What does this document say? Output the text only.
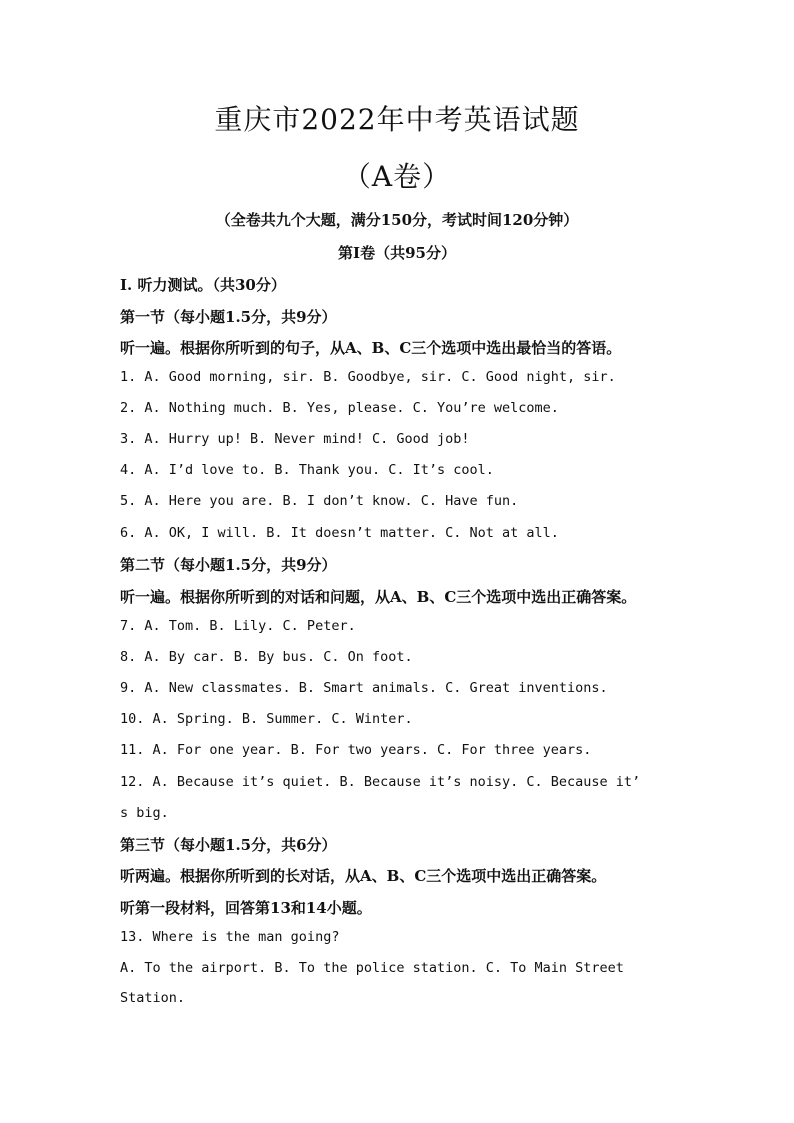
重庆市2022年中考英语试题
（A卷）
（全卷共九个大题，满分150分，考试时间120分钟）
第Ⅰ卷（共95分）
Ⅰ. 听力测试。（共30分）
第一节（每小题1.5分，共9分）
听一遍。根据你所听到的句子，从A、B、C三个选项中选出最恰当的答语。
1. A. Good morning, sir. B. Goodbye, sir. C. Good night, sir.
2. A. Nothing much. B. Yes, please. C. You’re welcome.
3. A. Hurry up! B. Never mind! C. Good job!
4. A. I’d love to. B. Thank you. C. It’s cool.
5. A. Here you are. B. I don’t know. C. Have fun.
6. A. OK, I will. B. It doesn’t matter. C. Not at all.
第二节（每小题1.5分，共9分）
听一遍。根据你所听到的对话和问题，从A、B、C三个选项中选出正确答案。
7. A. Tom. B. Lily. C. Peter.
8. A. By car. B. By bus. C. On foot.
9. A. New classmates. B. Smart animals. C. Great inventions.
10. A. Spring. B. Summer. C. Winter.
11. A. For one year. B. For two years. C. For three years.
12. A. Because it’s quiet. B. Because it’s noisy. C. Because it’
s big.
第三节（每小题1.5分，共6分）
听两遍。根据你所听到的长对话，从A、B、C三个选项中选出正确答案。
听第一段材料，回答第13和14小题。
13. Where is the man going?
A. To the airport. B. To the police station. C. To Main Street
Station.
